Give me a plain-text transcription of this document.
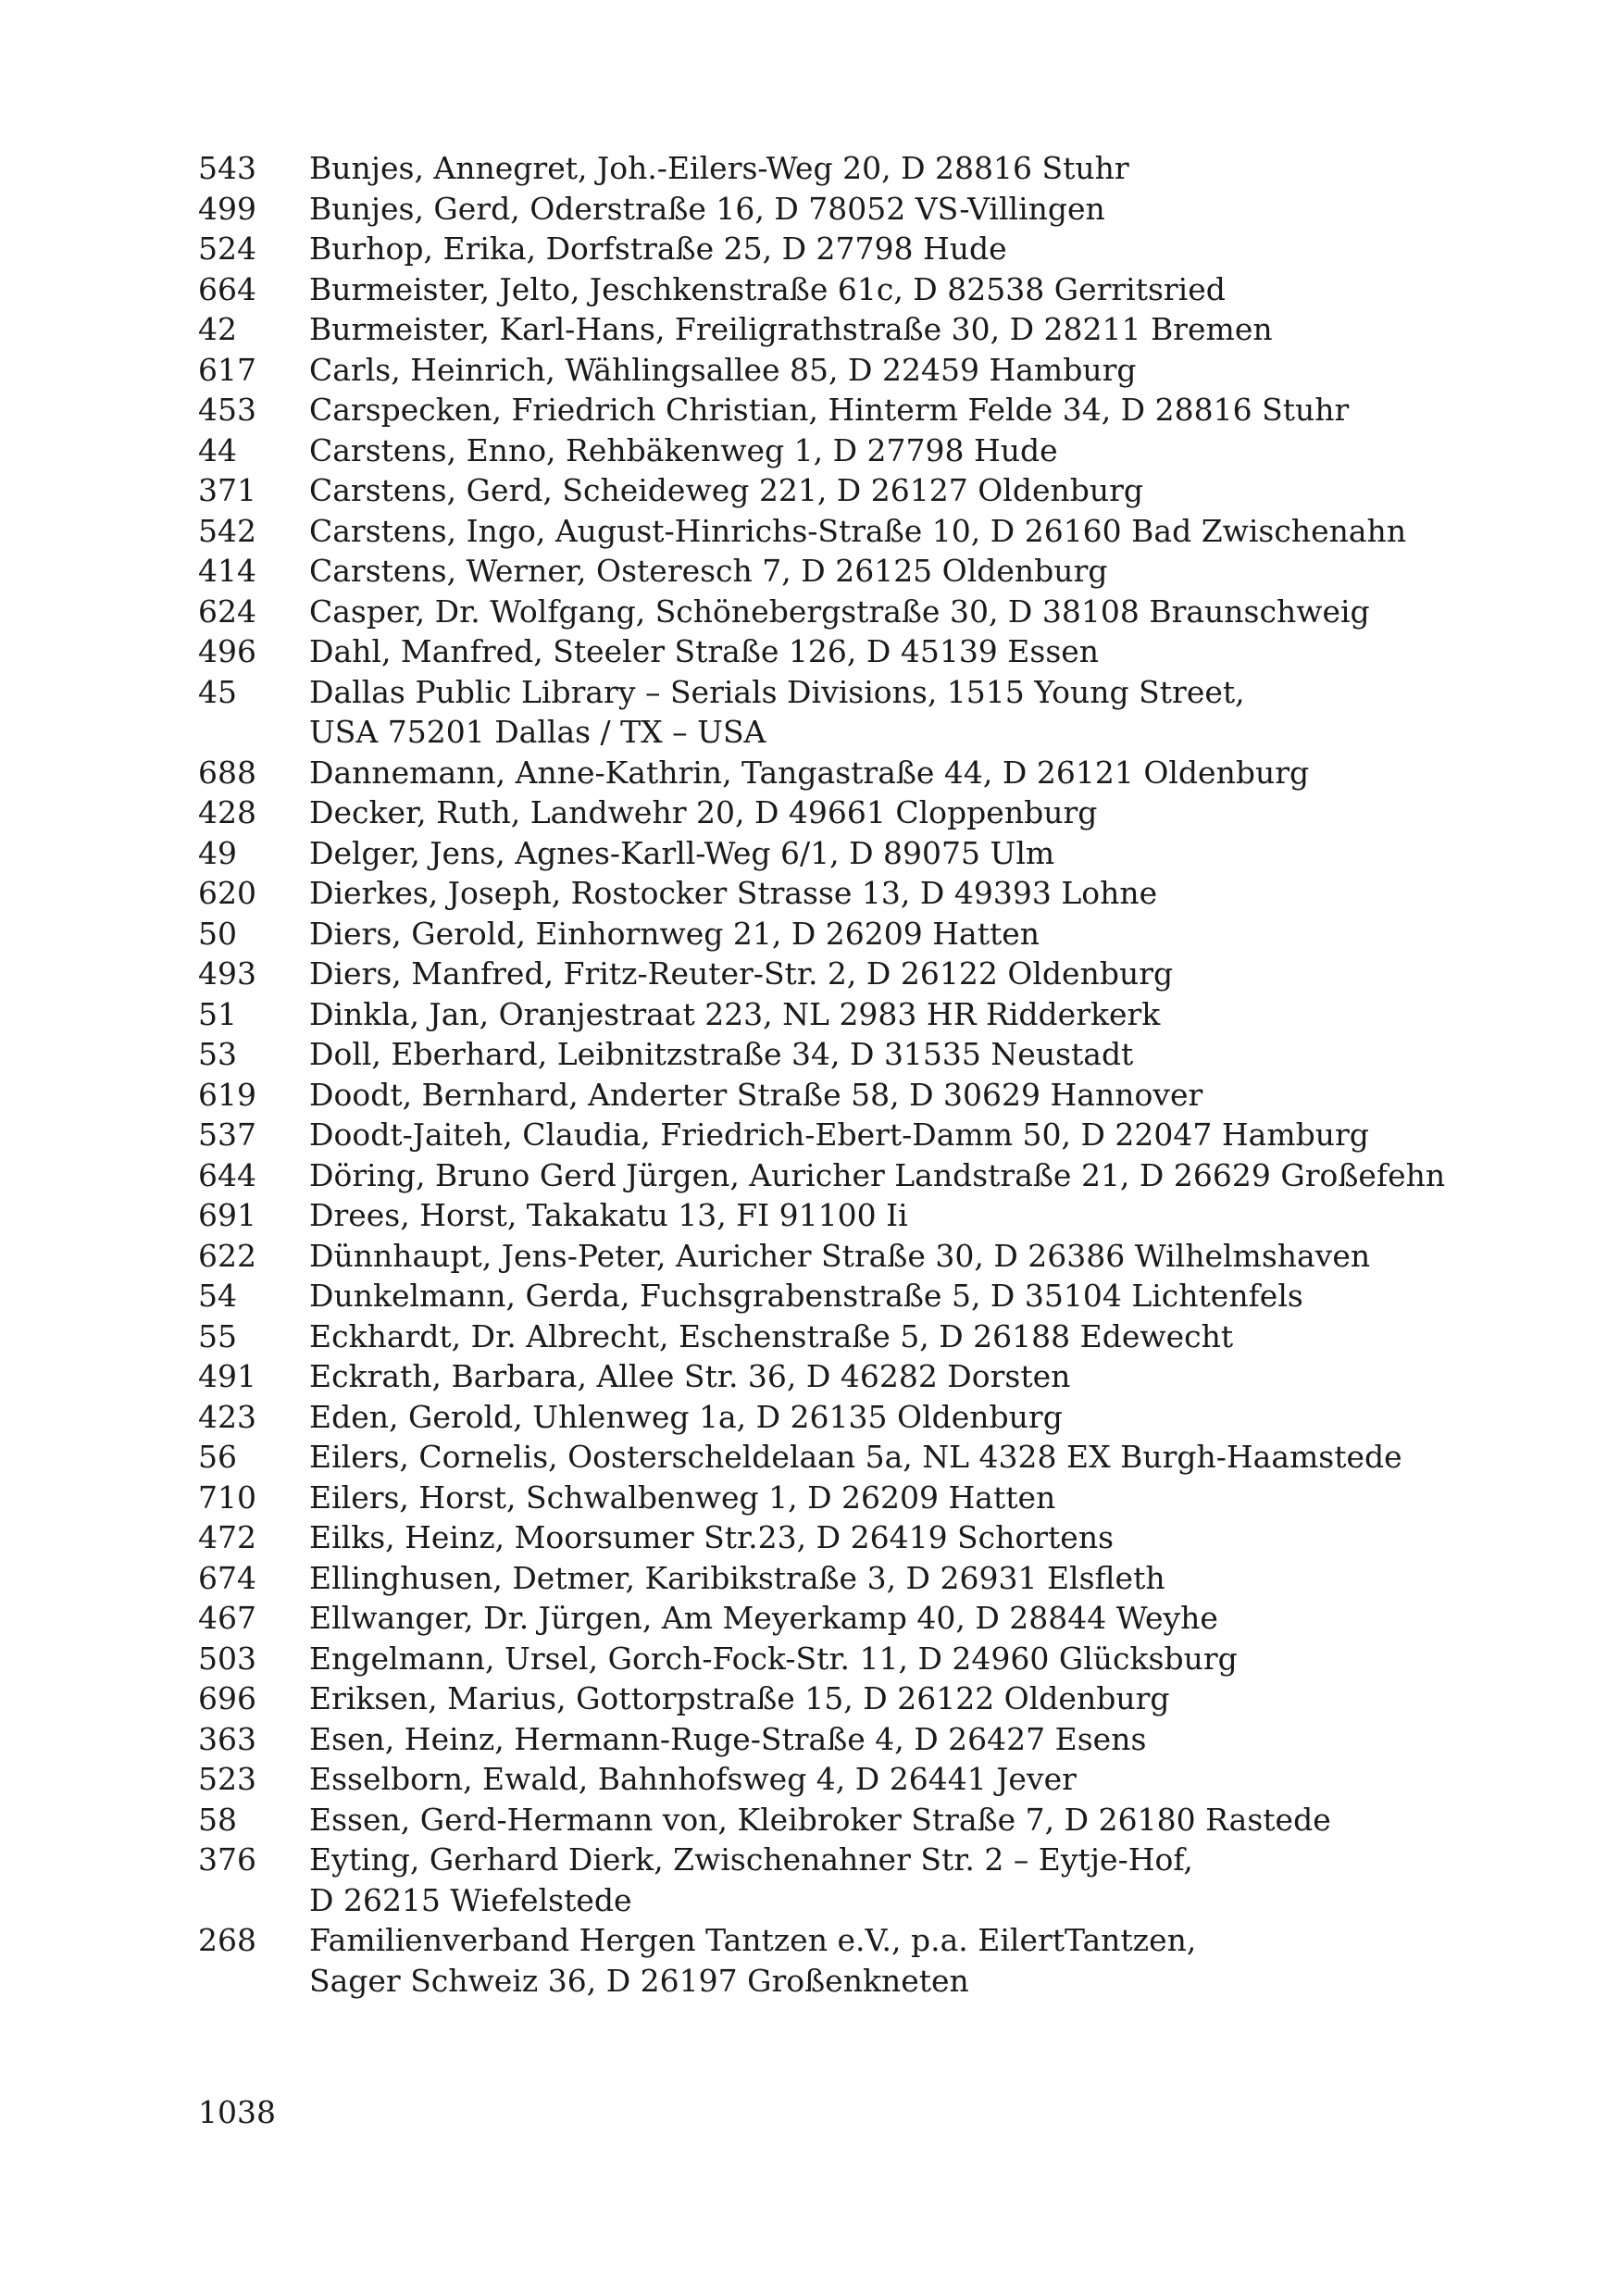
543	Bunjes, Annegret, Joh.-Eilers-Weg 20, D 28816 Stuhr
499	Bunjes, Gerd, Oderstraße 16, D 78052 VS-Villingen
524	Burhop, Erika, Dorfstraße 25, D 27798 Hude
664	Burmeister, Jelto, Jeschkenstraße 61c, D 82538 Gerritsried
42	Burmeister, Karl-Hans, Freiligrathstraße 30, D 28211 Bremen
617	Carls, Heinrich, Wählingsallee 85, D 22459 Hamburg
453	Carspecken, Friedrich Christian, Hinterm Felde 34, D 28816 Stuhr
44	Carstens, Enno, Rehbäkenweg 1, D 27798 Hude
371	Carstens, Gerd, Scheideweg 221, D 26127 Oldenburg
542	Carstens, Ingo, August-Hinrichs-Straße 10, D 26160 Bad Zwischenahn
414	Carstens, Werner, Osteresch 7, D 26125 Oldenburg
624	Casper, Dr. Wolfgang, Schönebergstraße 30, D 38108 Braunschweig
496	Dahl, Manfred, Steeler Straße 126, D 45139 Essen
45	Dallas Public Library – Serials Divisions, 1515 Young Street,
USA 75201 Dallas / TX – USA
688	Dannemann, Anne-Kathrin, Tangastraße 44, D 26121 Oldenburg
428	Decker, Ruth, Landwehr 20, D 49661 Cloppenburg
49	Delger, Jens, Agnes-Karll-Weg 6/1, D 89075 Ulm
620	Dierkes, Joseph, Rostocker Strasse 13, D 49393 Lohne
50	Diers, Gerold, Einhornweg 21, D 26209 Hatten
493	Diers, Manfred, Fritz-Reuter-Str. 2, D 26122 Oldenburg
51	Dinkla, Jan, Oranjestraat 223, NL 2983 HR Ridderkerk
53	Doll, Eberhard, Leibnitzstraße 34, D 31535 Neustadt
619	Doodt, Bernhard, Anderter Straße 58, D 30629 Hannover
537	Doodt-Jaiteh, Claudia, Friedrich-Ebert-Damm 50, D 22047 Hamburg
644	Döring, Bruno Gerd Jürgen, Auricher Landstraße 21, D 26629 Großefehn
691	Drees, Horst, Takakatu 13, FI 91100 Ii
622	Dünnhaupt, Jens-Peter, Auricher Straße 30, D 26386 Wilhelmshaven
54	Dunkelmann, Gerda, Fuchsgrabenstraße 5, D 35104 Lichtenfels
55	Eckhardt, Dr. Albrecht, Eschenstraße 5, D 26188 Edewecht
491	Eckrath, Barbara, Allee Str. 36, D 46282 Dorsten
423	Eden, Gerold, Uhlenweg 1a, D 26135 Oldenburg
56	Eilers, Cornelis, Oosterscheldelaan 5a, NL 4328 EX Burgh-Haamstede
710	Eilers, Horst, Schwalbenweg 1, D 26209 Hatten
472	Eilks, Heinz, Moorsumer Str.23, D 26419 Schortens
674	Ellinghusen, Detmer, Karibikstraße 3, D 26931 Elsfleth
467	Ellwanger, Dr. Jürgen, Am Meyerkamp 40, D 28844 Weyhe
503	Engelmann, Ursel, Gorch-Fock-Str. 11, D 24960 Glücksburg
696	Eriksen, Marius, Gottorpstraße 15, D 26122 Oldenburg
363	Esen, Heinz, Hermann-Ruge-Straße 4, D 26427 Esens
523	Esselborn, Ewald, Bahnhofsweg 4, D 26441 Jever
58	Essen, Gerd-Hermann von, Kleibroker Straße 7, D 26180 Rastede
376	Eyting, Gerhard Dierk, Zwischenahner Str. 2 – Eytje-Hof,
D 26215 Wiefelstede
268	Familienverband Hergen Tantzen e.V., p.a. EilertTantzen,
Sager Schweiz 36, D 26197 Großenkneten
1038
